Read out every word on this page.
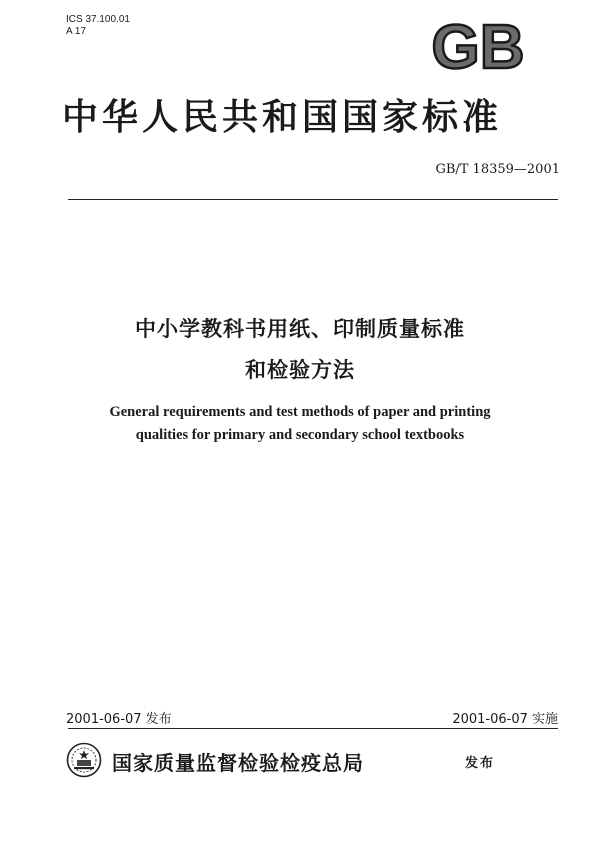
ICS 37.100.01
A 17	GB
中华人民共和国国家标准
GB/T 18359—2001
中小学教科书用纸、印制质量标准
和检验方法
General requirements and test methods of paper and printing
qualities for primary and secondary school textbooks
2001-06-07 发布	2001-06-07 实施
国家质量监督检验检疫总局	发布
